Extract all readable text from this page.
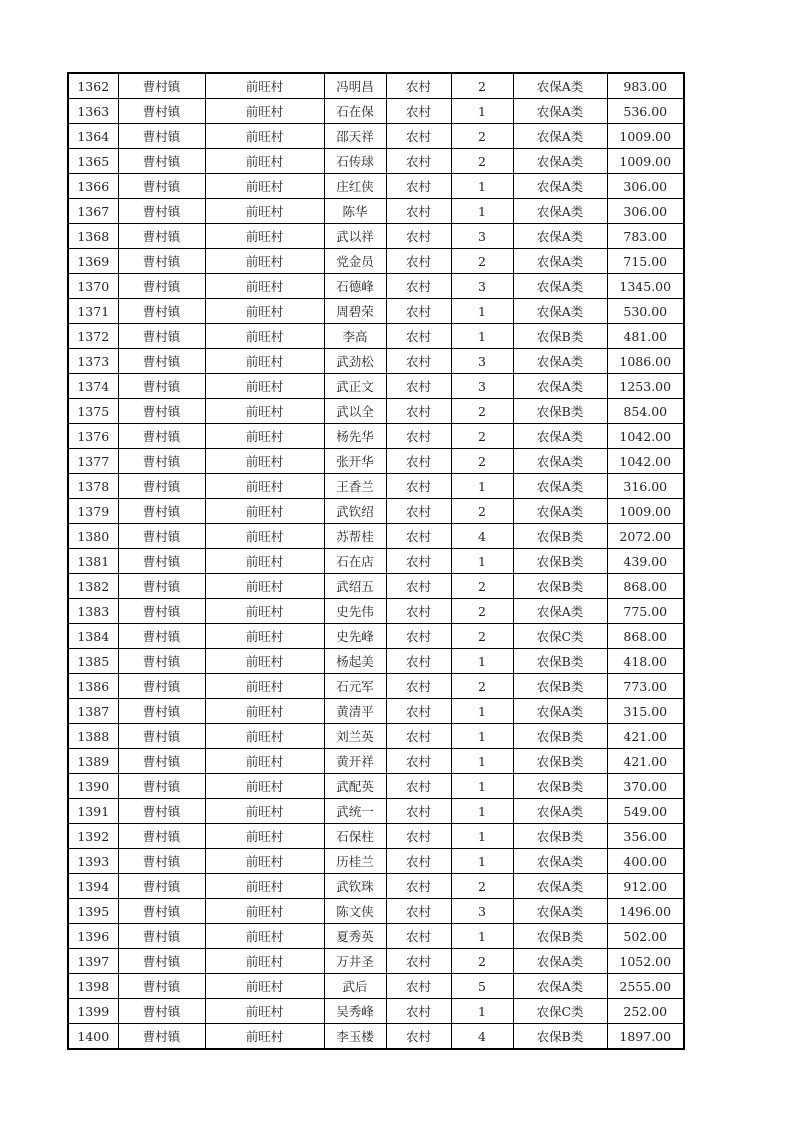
1362	曹村镇	前旺村	冯明昌	农村	2	农保A类	983.00
1363	曹村镇	前旺村	石在保	农村	1	农保A类	536.00
1364	曹村镇	前旺村	邵天祥	农村	2	农保A类	1009.00
1365	曹村镇	前旺村	石传球	农村	2	农保A类	1009.00
1366	曹村镇	前旺村	庄红侠	农村	1	农保A类	306.00
1367	曹村镇	前旺村	陈华	农村	1	农保A类	306.00
1368	曹村镇	前旺村	武以祥	农村	3	农保A类	783.00
1369	曹村镇	前旺村	党金员	农村	2	农保A类	715.00
1370	曹村镇	前旺村	石德峰	农村	3	农保A类	1345.00
1371	曹村镇	前旺村	周碧荣	农村	1	农保A类	530.00
1372	曹村镇	前旺村	李高	农村	1	农保B类	481.00
1373	曹村镇	前旺村	武劲松	农村	3	农保A类	1086.00
1374	曹村镇	前旺村	武正文	农村	3	农保A类	1253.00
1375	曹村镇	前旺村	武以全	农村	2	农保B类	854.00
1376	曹村镇	前旺村	杨先华	农村	2	农保A类	1042.00
1377	曹村镇	前旺村	张开华	农村	2	农保A类	1042.00
1378	曹村镇	前旺村	王香兰	农村	1	农保A类	316.00
1379	曹村镇	前旺村	武钦绍	农村	2	农保A类	1009.00
1380	曹村镇	前旺村	苏帮桂	农村	4	农保B类	2072.00
1381	曹村镇	前旺村	石在店	农村	1	农保B类	439.00
1382	曹村镇	前旺村	武绍五	农村	2	农保B类	868.00
1383	曹村镇	前旺村	史先伟	农村	2	农保A类	775.00
1384	曹村镇	前旺村	史先峰	农村	2	农保C类	868.00
1385	曹村镇	前旺村	杨起美	农村	1	农保B类	418.00
1386	曹村镇	前旺村	石元军	农村	2	农保B类	773.00
1387	曹村镇	前旺村	黄清平	农村	1	农保A类	315.00
1388	曹村镇	前旺村	刘兰英	农村	1	农保B类	421.00
1389	曹村镇	前旺村	黄开祥	农村	1	农保B类	421.00
1390	曹村镇	前旺村	武配英	农村	1	农保B类	370.00
1391	曹村镇	前旺村	武统一	农村	1	农保A类	549.00
1392	曹村镇	前旺村	石保柱	农村	1	农保B类	356.00
1393	曹村镇	前旺村	历桂兰	农村	1	农保A类	400.00
1394	曹村镇	前旺村	武钦珠	农村	2	农保A类	912.00
1395	曹村镇	前旺村	陈文侠	农村	3	农保A类	1496.00
1396	曹村镇	前旺村	夏秀英	农村	1	农保B类	502.00
1397	曹村镇	前旺村	万井圣	农村	2	农保A类	1052.00
1398	曹村镇	前旺村	武后	农村	5	农保A类	2555.00
1399	曹村镇	前旺村	吴秀峰	农村	1	农保C类	252.00
1400	曹村镇	前旺村	李玉楼	农村	4	农保B类	1897.00
